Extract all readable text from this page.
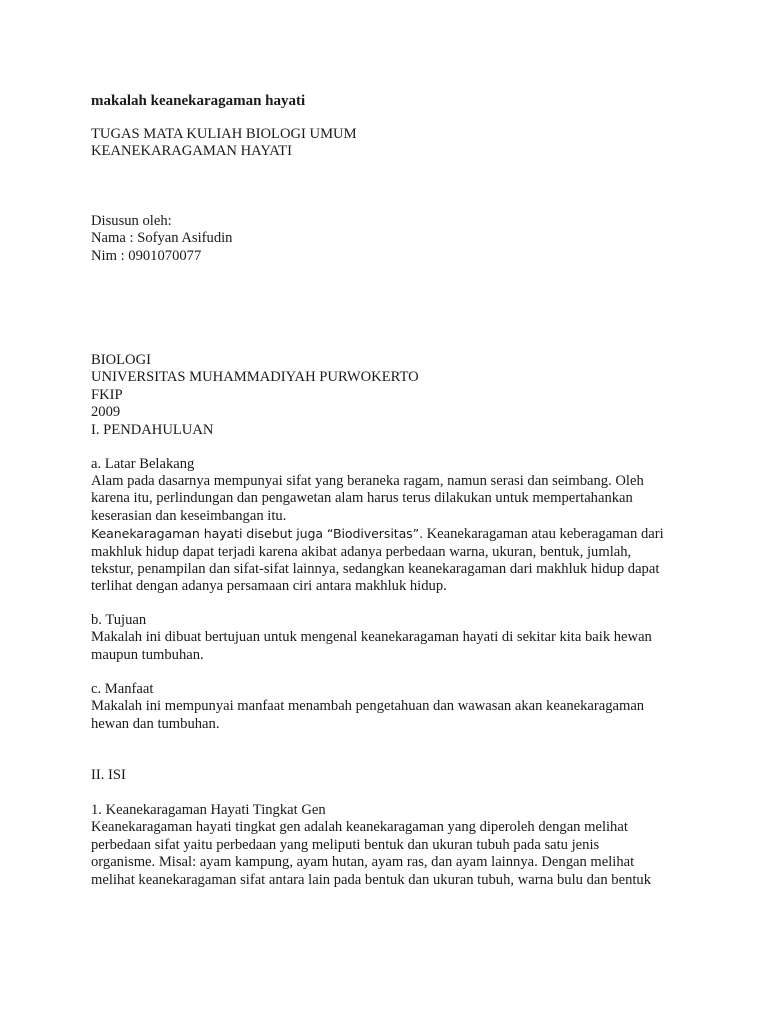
makalah keanekaragaman hayati
TUGAS MATA KULIAH BIOLOGI UMUM
KEANEKARAGAMAN HAYATI
Disusun oleh:
Nama : Sofyan Asifudin
Nim : 0901070077
BIOLOGI
UNIVERSITAS MUHAMMADIYAH PURWOKERTO
FKIP
2009
I. PENDAHULUAN
a. Latar Belakang
Alam pada dasarnya mempunyai sifat yang beraneka ragam, namun serasi dan seimbang. Oleh
karena itu, perlindungan dan pengawetan alam harus terus dilakukan untuk mempertahankan
keserasian dan keseimbangan itu.
Keanekaragaman hayati disebut juga “Biodiversitas”. Keanekaragaman atau keberagaman dari
makhluk hidup dapat terjadi karena akibat adanya perbedaan warna, ukuran, bentuk, jumlah,
tekstur, penampilan dan sifat-sifat lainnya, sedangkan keanekaragaman dari makhluk hidup dapat
terlihat dengan adanya persamaan ciri antara makhluk hidup.
b. Tujuan
Makalah ini dibuat bertujuan untuk mengenal keanekaragaman hayati di sekitar kita baik hewan
maupun tumbuhan.
c. Manfaat
Makalah ini mempunyai manfaat menambah pengetahuan dan wawasan akan keanekaragaman
hewan dan tumbuhan.
II. ISI
1. Keanekaragaman Hayati Tingkat Gen
Keanekaragaman hayati tingkat gen adalah keanekaragaman yang diperoleh dengan melihat
perbedaan sifat yaitu perbedaan yang meliputi bentuk dan ukuran tubuh pada satu jenis
organisme. Misal: ayam kampung, ayam hutan, ayam ras, dan ayam lainnya. Dengan melihat
melihat keanekaragaman sifat antara lain pada bentuk dan ukuran tubuh, warna bulu dan bentuk
